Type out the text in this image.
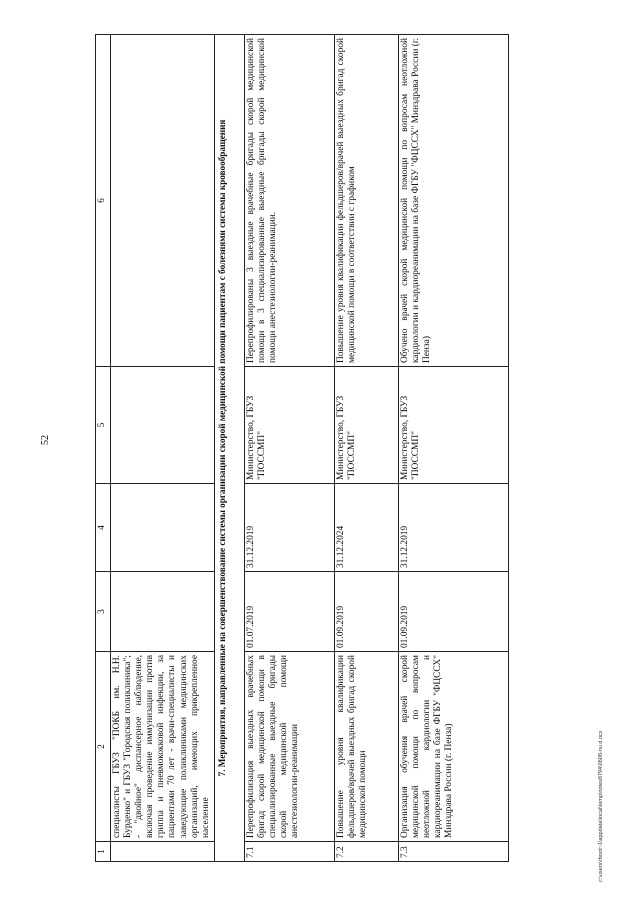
52
1	2	3	4	5	6
	специалисты ГБУЗ "ПОКБ им. Н.Н. Бурденко" и ГБУЗ "Городская поликлиника"; - "двойное" диспансерное наблюдение, включая проведение иммунизации против гриппа и пневмококковой инфекции, за пациентами 70 лет - врачи-специалисты и заведующие поликлиниками медицинских организаций, имеющих прикрепленное население				
7. Мероприятия, направленные на совершенствование системы организации скорой медицинской помощи пациентам с болезнями системы кровообращения					
7.1	Перепрофилизация выездных врачебных бригад скорой медицинской помощи в специализированные выездные бригады скорой медицинской помощи анестезиологии-реанимации	01.07.2019	31.12.2019	Министерство, ГБУЗ "ПОССМП"	Перепрофилированы 3 выездные врачебные бригады скорой медицинской помощи в 3 специализированные выездные бригады скорой медицинской помощи анестезиологии-реанимации.
7.2	Повышение уровня квалификации фельдшеров/врачей выездных бригад скорой медицинской помощи	01.09.2019	31.12.2024	Министерство, ГБУЗ "ПОССМП"	Повышение уровня квалификации фельдшеров/врачей выездных бригад скорой медицинской помощи в соответствии с графиком
7.3	Организация обучения врачей скорой медицинской помощи по вопросам неотложной кардиологии и кардиореанимации на базе ФГБУ "ФЦССХ" Минздрава России (г. Пенза)	01.09.2019	31.12.2019	Министерство, ГБУЗ "ПОССМП"	Обучено врачей скорой медицинской помощи по вопросам неотложной кардиологии и кардиореанимации на базе ФГБУ "ФЦССХ" Минздрава России (г. Пенза)
c:\users\rbord~1\appdata\local\temp\notes8794\0608-nu.d.ocx
